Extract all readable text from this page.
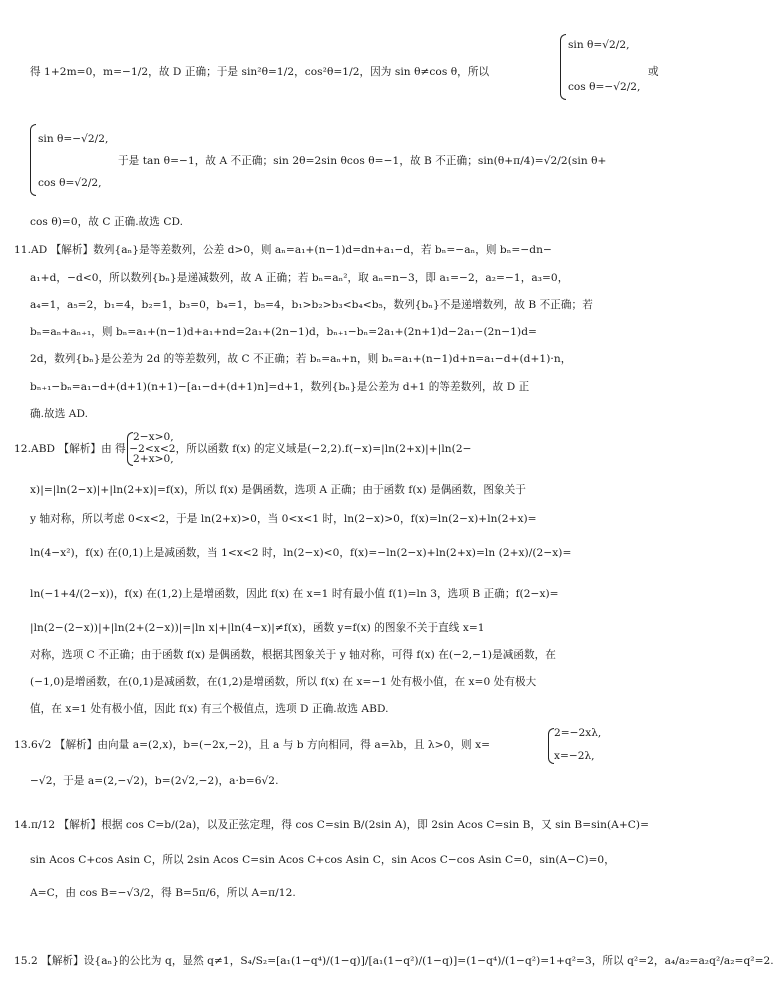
sin θ=√2/2,
cos θ=−√2/2,
得 1+2m=0，m=−1/2，故 D 正确；于是 sin²θ=1/2，cos²θ=1/2，因为 sin θ≠cos θ，所以	或
sin θ=−√2/2,
cos θ=√2/2,
于是 tan θ=−1，故 A 不正确；sin 2θ=2sin θcos θ=−1，故 B 不正确；sin(θ+π/4)=√2/2(sin θ+
cos θ)=0，故 C 正确.故选 CD.
11.AD 【解析】数列{aₙ}是等差数列，公差 d>0，则 aₙ=a₁+(n−1)d=dn+a₁−d，若 bₙ=−aₙ，则 bₙ=−dn−
a₁+d，−d<0，所以数列{bₙ}是递减数列，故 A 正确；若 bₙ=aₙ²，取 aₙ=n−3，即 a₁=−2，a₂=−1，a₃=0，
a₄=1，a₅=2，b₁=4，b₂=1，b₃=0，b₄=1，b₅=4，b₁>b₂>b₃<b₄<b₅，数列{bₙ}不是递增数列，故 B 不正确；若
bₙ=aₙ+aₙ₊₁，则 bₙ=a₁+(n−1)d+a₁+nd=2a₁+(2n−1)d，bₙ₊₁−bₙ=2a₁+(2n+1)d−2a₁−(2n−1)d=
2d，数列{bₙ}是公差为 2d 的等差数列，故 C 不正确；若 bₙ=aₙ+n，则 bₙ=a₁+(n−1)d+n=a₁−d+(d+1)·n，
bₙ₊₁−bₙ=a₁−d+(d+1)(n+1)−[a₁−d+(d+1)n]=d+1，数列{bₙ}是公差为 d+1 的等差数列，故 D 正
确.故选 AD.
2−x>0,
2+x>0,
12.ABD 【解析】由 得 −2<x<2，所以函数 f(x) 的定义域是(−2,2).f(−x)=|ln(2+x)|+|ln(2−
x)|=|ln(2−x)|+|ln(2+x)|=f(x)，所以 f(x) 是偶函数，选项 A 正确；由于函数 f(x) 是偶函数，图象关于
y 轴对称，所以考虑 0<x<2，于是 ln(2+x)>0，当 0<x<1 时，ln(2−x)>0，f(x)=ln(2−x)+ln(2+x)=
ln(4−x²)，f(x) 在(0,1)上是减函数，当 1<x<2 时，ln(2−x)<0，f(x)=−ln(2−x)+ln(2+x)=ln (2+x)/(2−x)=
ln(−1+4/(2−x))，f(x) 在(1,2)上是增函数，因此 f(x) 在 x=1 时有最小值 f(1)=ln 3，选项 B 正确；f(2−x)=
|ln(2−(2−x))|+|ln(2+(2−x))|=|ln x|+|ln(4−x)|≠f(x)，函数 y=f(x) 的图象不关于直线 x=1
对称，选项 C 不正确；由于函数 f(x) 是偶函数，根据其图象关于 y 轴对称，可得 f(x) 在(−2,−1)是减函数，在
(−1,0)是增函数，在(0,1)是减函数，在(1,2)是增函数，所以 f(x) 在 x=−1 处有极小值，在 x=0 处有极大
值，在 x=1 处有极小值，因此 f(x) 有三个极值点，选项 D 正确.故选 ABD.
2=−2xλ,
x=−2λ,
13.6√2 【解析】由向量 a=(2,x)，b=(−2x,−2)，且 a 与 b 方向相同，得 a=λb，且 λ>0，则 x=
−√2，于是 a=(2,−√2)，b=(2√2,−2)，a·b=6√2.
14.π/12 【解析】根据 cos C=b/(2a)，以及正弦定理，得 cos C=sin B/(2sin A)，即 2sin Acos C=sin B，又 sin B=sin(A+C)=
sin Acos C+cos Asin C，所以 2sin Acos C=sin Acos C+cos Asin C，sin Acos C−cos Asin C=0，sin(A−C)=0，
A=C，由 cos B=−√3/2，得 B=5π/6，所以 A=π/12.
15.2 【解析】设{aₙ}的公比为 q，显然 q≠1，S₄/S₂=[a₁(1−q⁴)/(1−q)]/[a₁(1−q²)/(1−q)]=(1−q⁴)/(1−q²)=1+q²=3，所以 q²=2，a₄/a₂=a₂q²/a₂=q²=2.
